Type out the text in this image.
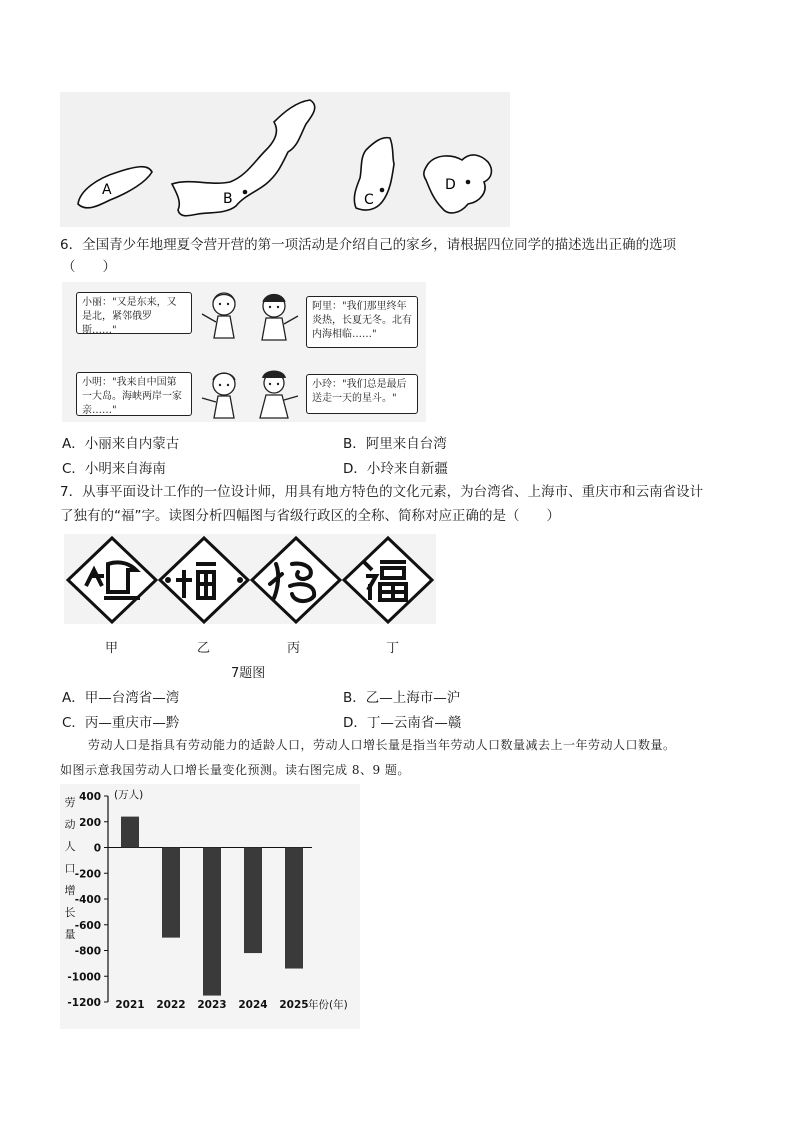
A
B	C
D
6．全国青少年地理夏令营开营的第一项活动是介绍自己的家乡，请根据四位同学的描述选出正确的选项
（　　）
小丽："又是东来，又是北，紧邻俄罗斯……"
阿里："我们那里终年炎热，长夏无冬。北有内海相临……"
小明："我来自中国第一大岛。海峡两岸一家亲……"
小玲："我们总是最后送走一天的星斗。"
A．小丽来自内蒙古	B．阿里来自台湾
C．小明来自海南	D．小玲来自新疆
7．从事平面设计工作的一位设计师，用具有地方特色的文化元素，为台湾省、上海市、重庆市和云南省设计
了独有的“福”字。读图分析四幅图与省级行政区的全称、简称对应正确的是（　　）
甲	乙	丙	丁
7题图
A．甲—台湾省—湾	B．乙—上海市—沪
C．丙—重庆市—黔	D．丁—云南省—赣
劳动人口是指具有劳动能力的适龄人口，劳动人口增长量是指当年劳动人口数量减去上一年劳动人口数量。
如图示意我国劳动人口增长量变化预测。读右图完成 8、9 题。
400
200
0
-200
-400
-600
-800
-1000
-1200
(万人)
劳
动
人
口
增
长
量
2021 2022 2023 2024 2025 年份(年)
